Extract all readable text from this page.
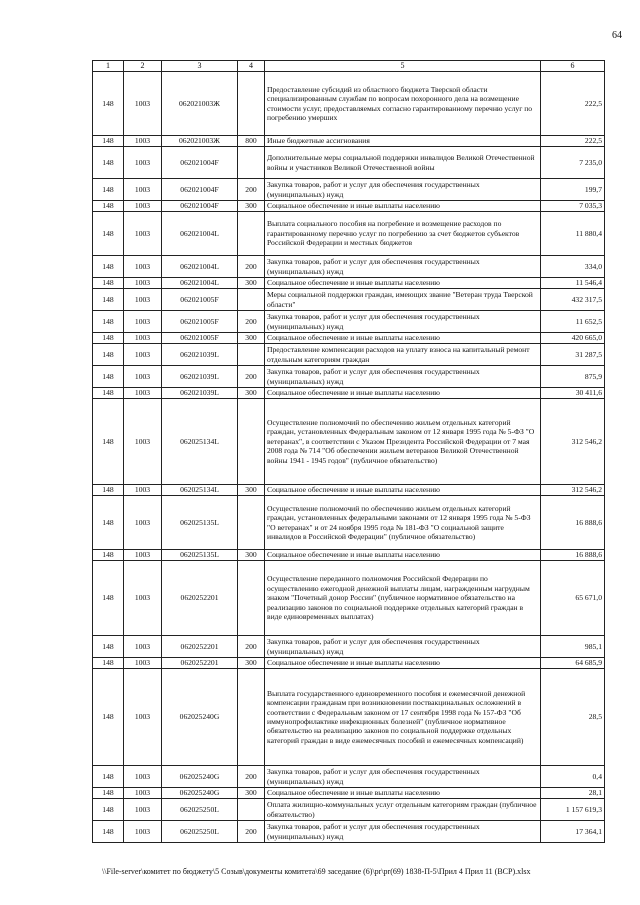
64
1	2	3	4	5	6
148	1003	062021003Ж		Предоставление субсидий из областного бюджета Тверской области специализированным службам по вопросам похоронного дела на возмещение стоимости услуг, предоставляемых согласно гарантированному перечню услуг по погребению умерших	222,5
148	1003	062021003Ж	800	Иные бюджетные ассигнования	222,5
148	1003	062021004F		Дополнительные меры социальной поддержки инвалидов Великой Отечественной войны и участников Великой Отечественной войны	7 235,0
148	1003	062021004F	200	Закупка товаров, работ и услуг для обеспечения государственных (муниципальных) нужд	199,7
148	1003	062021004F	300	Социальное обеспечение и иные выплаты населению	7 035,3
148	1003	062021004L		Выплата социального пособия на погребение и возмещение расходов по гарантированному перечню услуг по погребению за счет бюджетов субъектов Российской Федерации и местных бюджетов	11 880,4
148	1003	062021004L	200	Закупка товаров, работ и услуг для обеспечения государственных (муниципальных) нужд	334,0
148	1003	062021004L	300	Социальное обеспечение и иные выплаты населению	11 546,4
148	1003	062021005F		Меры социальной поддержки граждан, имеющих звание "Ветеран труда Тверской области"	432 317,5
148	1003	062021005F	200	Закупка товаров, работ и услуг для обеспечения государственных (муниципальных) нужд	11 652,5
148	1003	062021005F	300	Социальное обеспечение и иные выплаты населению	420 665,0
148	1003	062021039L		Предоставление компенсации расходов на уплату взноса на капитальный ремонт отдельным категориям граждан	31 287,5
148	1003	062021039L	200	Закупка товаров, работ и услуг для обеспечения государственных (муниципальных) нужд	875,9
148	1003	062021039L	300	Социальное обеспечение и иные выплаты населению	30 411,6
148	1003	062025134L		Осуществление полномочий по обеспечению жильем отдельных категорий граждан, установленных Федеральным законом от 12 января 1995 года № 5-ФЗ "О ветеранах", в соответствии с Указом Президента Российской Федерации от 7 мая 2008 года № 714 "Об обеспечении жильем ветеранов Великой Отечественной войны 1941 - 1945 годов" (публичное обязательство)	312 546,2
148	1003	062025134L	300	Социальное обеспечение и иные выплаты населению	312 546,2
148	1003	062025135L		Осуществление полномочий по обеспечению жильем отдельных категорий граждан, установленных федеральными законами от 12 января 1995 года № 5-ФЗ "О ветеранах" и от 24 ноября 1995 года № 181-ФЗ "О социальной защите инвалидов в Российской Федерации" (публичное обязательство)	16 888,6
148	1003	062025135L	300	Социальное обеспечение и иные выплаты населению	16 888,6
148	1003	0620252201		Осуществление переданного полномочия Российской Федерации по осуществлению ежегодной денежной выплаты лицам, награжденным нагрудным знаком "Почетный донор России" (публичное нормативное обязательство на реализацию законов по социальной поддержке отдельных категорий граждан в виде единовременных выплатах)	65 671,0
148	1003	0620252201	200	Закупка товаров, работ и услуг для обеспечения государственных (муниципальных) нужд	985,1
148	1003	0620252201	300	Социальное обеспечение и иные выплаты населению	64 685,9
148	1003	062025240G		Выплата государственного единовременного пособия и ежемесячной денежной компенсации гражданам при возникновении поствакцинальных осложнений в соответствии с Федеральным законом от 17 сентября 1998 года № 157-ФЗ "Об иммунопрофилактике инфекционных болезней" (публичное нормативное обязательство на реализацию законов по социальной поддержке отдельных категорий граждан в виде ежемесячных пособий и ежемесячных компенсаций)	28,5
148	1003	062025240G	200	Закупка товаров, работ и услуг для обеспечения государственных (муниципальных) нужд	0,4
148	1003	062025240G	300	Социальное обеспечение и иные выплаты населению	28,1
148	1003	062025250L		Оплата жилищно-коммунальных услуг отдельным категориям граждан (публичное обязательство)	1 157 619,3
148	1003	062025250L	200	Закупка товаров, работ и услуг для обеспечения государственных (муниципальных) нужд	17 364,1
\\File-server\комитет по бюджету\5 Созыв\документы комитета\69 заседание (6)\pr\pr(69) 1838-П-5\Прил 4 Прил 11 (ВСР).xlsx
